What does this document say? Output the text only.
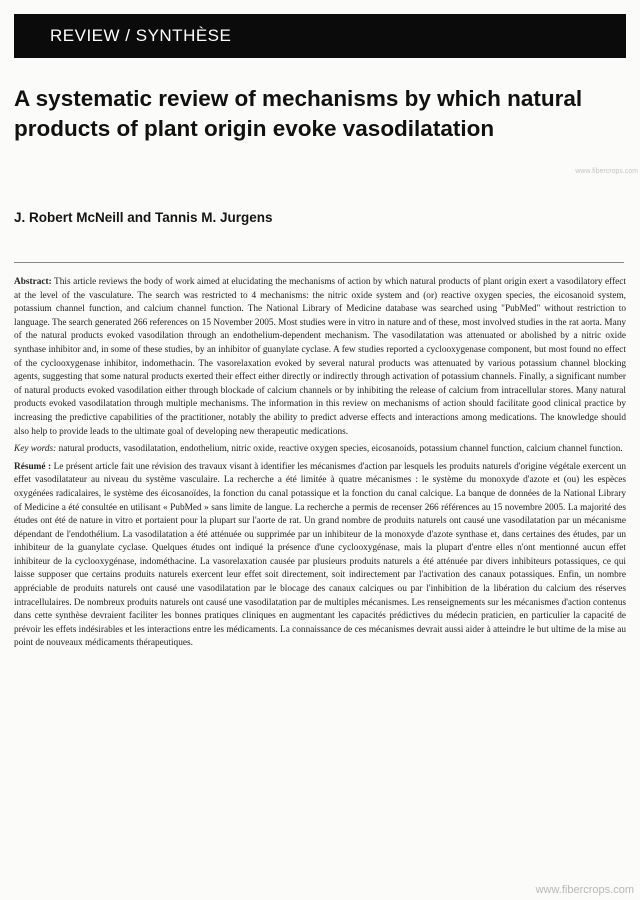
REVIEW / SYNTHÈSE
A systematic review of mechanisms by which natural products of plant origin evoke vasodilatation
J. Robert McNeill and Tannis M. Jurgens

Abstract: This article reviews the body of work aimed at elucidating the mechanisms of action by which natural products of plant origin exert a vasodilatory effect at the level of the vasculature. The search was restricted to 4 mechanisms: the nitric oxide system and (or) reactive oxygen species, the eicosanoid system, potassium channel function, and calcium channel function. The National Library of Medicine database was searched using "PubMed" without restriction to language. The search generated 266 references on 15 November 2005. Most studies were in vitro in nature and of these, most involved studies in the rat aorta. Many of the natural products evoked vasodilation through an endothelium-dependent mechanism. The vasodilatation was attenuated or abolished by a nitric oxide synthase inhibitor and, in some of these studies, by an inhibitor of guanylate cyclase. A few studies reported a cyclooxygenase component, but most found no effect of the cyclooxygenase inhibitor, indomethacin. The vasorelaxation evoked by several natural products was attenuated by various potassium channel blocking agents, suggesting that some natural products exerted their effect either directly or indirectly through activation of potassium channels. Finally, a significant number of natural products evoked vasodilation either through blockade of calcium channels or by inhibiting the release of calcium from intracellular stores. Many natural products evoked vasodilatation through multiple mechanisms. The information in this review on mechanisms of action should facilitate good clinical practice by increasing the predictive capabilities of the practitioner, notably the ability to predict adverse effects and interactions among medications. The knowledge should also help to provide leads to the ultimate goal of developing new therapeutic medications.

Key words: natural products, vasodilatation, endothelium, nitric oxide, reactive oxygen species, eicosanoids, potassium channel function, calcium channel function.

Résumé : Le présent article fait une révision des travaux visant à identifier les mécanismes d'action par lesquels les produits naturels d'origine végétale exercent un effet vasodilatateur au niveau du système vasculaire. La recherche a été limitée à quatre mécanismes : le système du monoxyde d'azote et (ou) les espèces oxygénées radicalaires, le système des éicosanoïdes, la fonction du canal potassique et la fonction du canal calcique. La banque de données de la National Library of Medicine a été consultée en utilisant « PubMed » sans limite de langue. La recherche a permis de recenser 266 références au 15 novembre 2005. La majorité des études ont été de nature in vitro et portaient pour la plupart sur l'aorte de rat. Un grand nombre de produits naturels ont causé une vasodilatation par un mécanisme dépendant de l'endothélium. La vasodilatation a été atténuée ou supprimée par un inhibiteur de la monoxyde d'azote synthase et, dans certaines des études, par un inhibiteur de la guanylate cyclase. Quelques études ont indiqué la présence d'une cyclooxygénase, mais la plupart d'entre elles n'ont mentionné aucun effet inhibiteur de la cyclooxygénase, indométhacine. La vasorelaxation causée par plusieurs produits naturels a été atténuée par divers inhibiteurs potassiques, ce qui laisse supposer que certains produits naturels exercent leur effet soit directement, soit indirectement par l'activation des canaux potassiques. Enfin, un nombre appréciable de produits naturels ont causé une vasodilatation par le blocage des canaux calciques ou par l'inhibition de la libération du calcium des réserves intracellulaires. De nombreux produits naturels ont causé une vasodilatation par de multiples mécanismes. Les renseignements sur les mécanismes d'action contenus dans cette synthèse devraient faciliter les bonnes pratiques cliniques en augmentant les capacités prédictives du médecin praticien, en particulier la capacité de prévoir les effets indésirables et les interactions entre les médicaments. La connaissance de ces mécanismes devrait aussi aider à atteindre le but ultime de la mise au point de nouveaux médicaments thérapeutiques.

www.fibercrops.com
www.fibercrops.com
